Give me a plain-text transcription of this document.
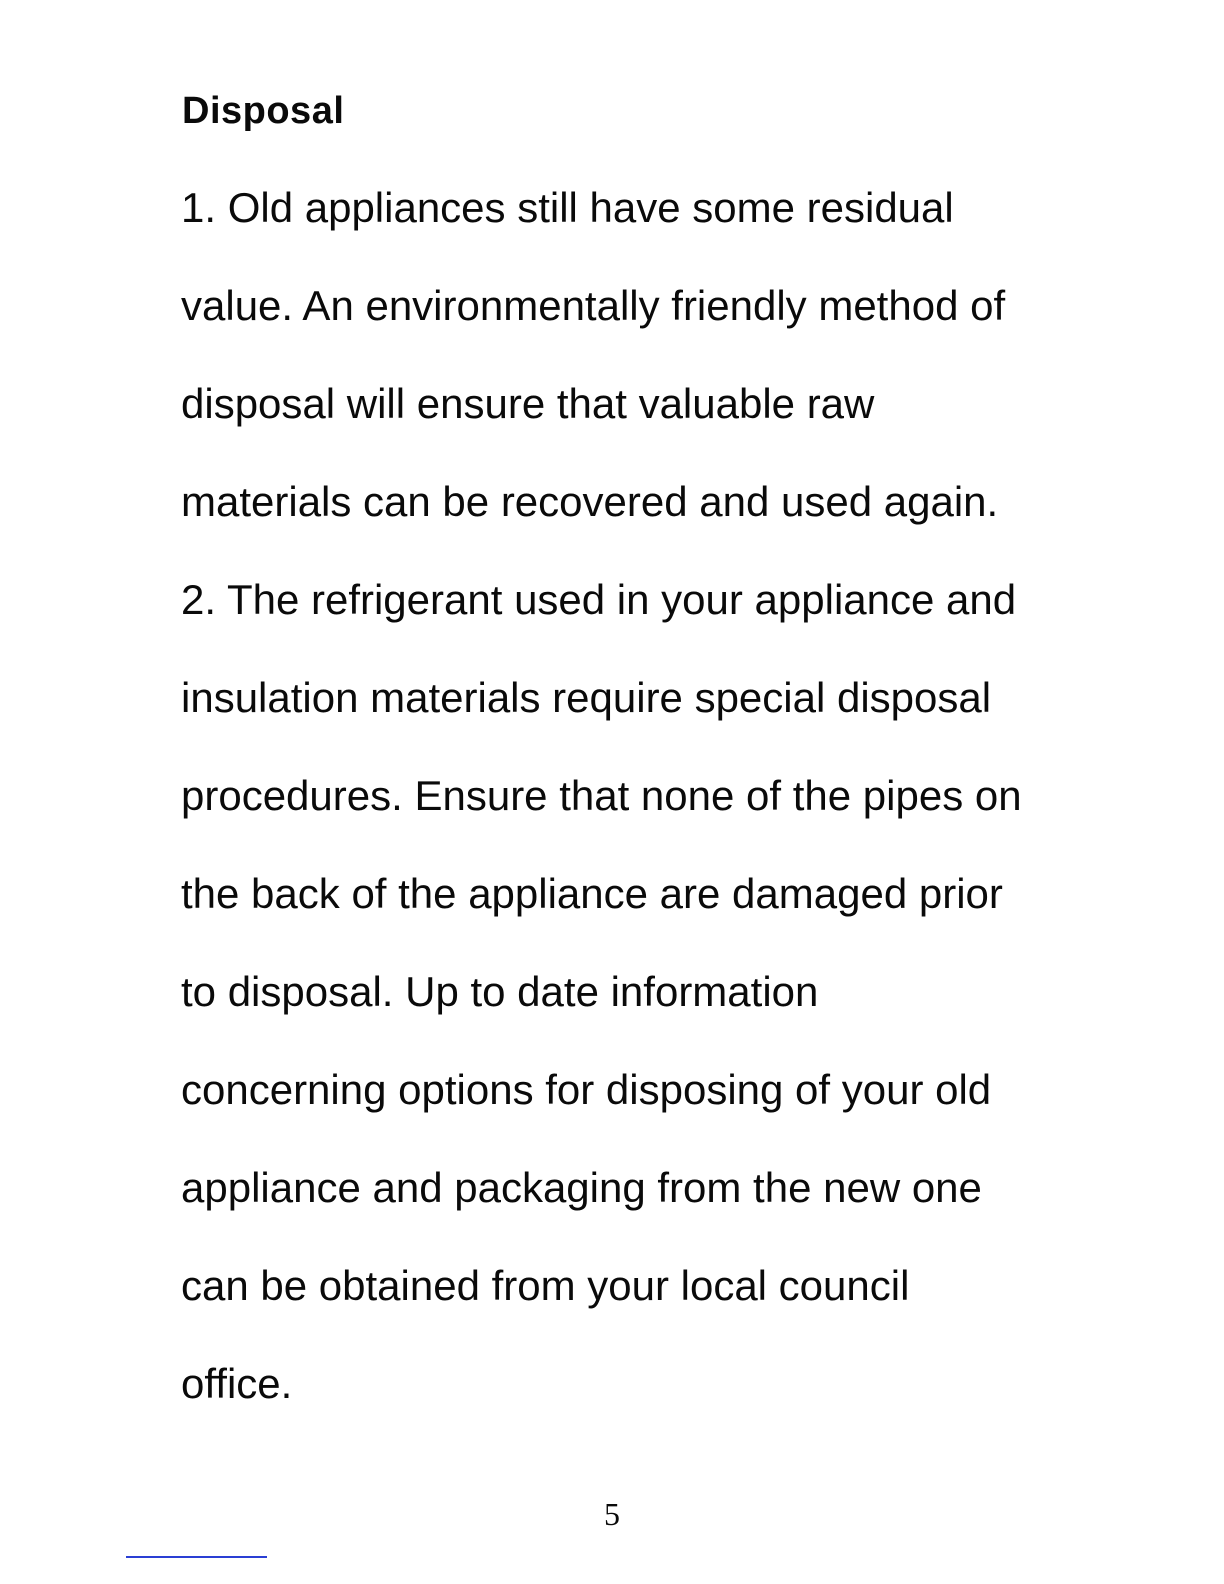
Disposal

1. Old appliances still have some residual

value. An environmentally friendly method of

disposal will ensure that valuable raw

materials can be recovered and used again.

2. The refrigerant used in your appliance and

insulation materials require special disposal

procedures. Ensure that none of the pipes on

the back of the appliance are damaged prior

to disposal. Up to date information

concerning options for disposing of your old

appliance and packaging from the new one

can be obtained from your local council

office.

5
